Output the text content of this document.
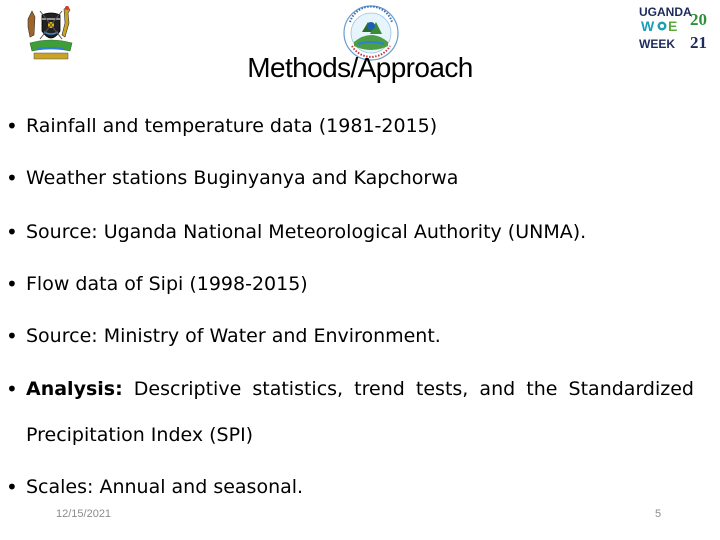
UGANDA
W E
WEEK
20
21
Methods/Approach
• Rainfall and temperature data (1981-2015)
• Weather stations Buginyanya and Kapchorwa
• Source: Uganda National Meteorological Authority (UNMA).
• Flow data of Sipi (1998-2015)
• Source: Ministry of Water and Environment.
• Analysis: Descriptive statistics, trend tests, and the Standardized
Precipitation Index (SPI)
• Scales: Annual and seasonal.
12/15/2021	5
